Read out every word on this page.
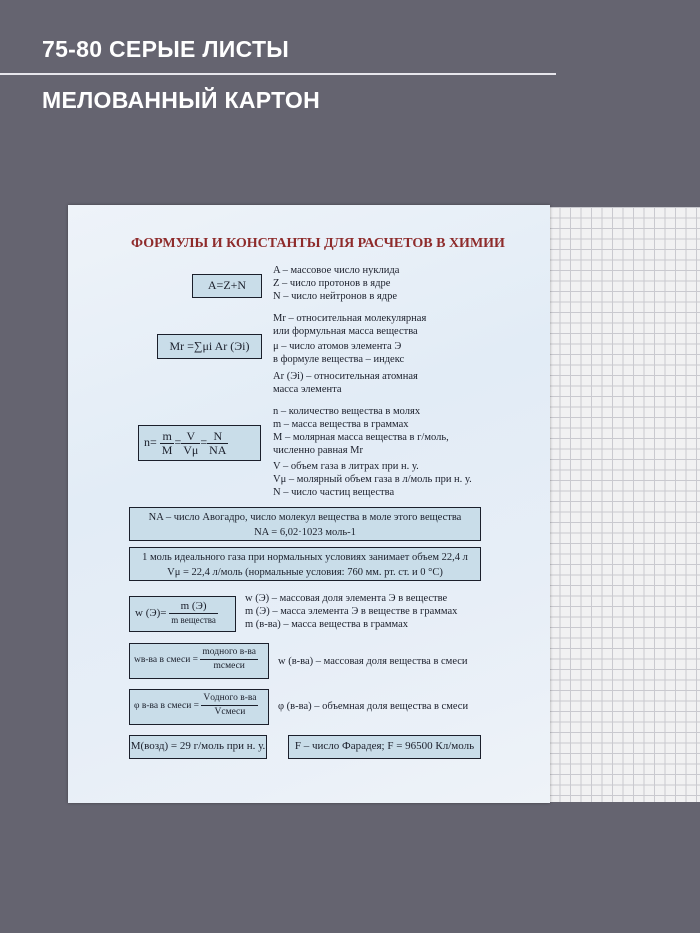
75-80 СЕРЫЕ ЛИСТЫ
МЕЛОВАННЫЙ КАРТОН
ФОРМУЛЫ И КОНСТАНТЫ ДЛЯ РАСЧЕТОВ В ХИМИИ
A=Z+N
A – массовое число нуклида
Z – число протонов в ядре
N – число нейтронов в ядре
Mr =∑μi Ar (Эi)
Mr – относительная молекулярная
или формульная масса вещества
μ – число атомов элемента Э
в формуле вещества – индекс
Ar (Эi) – относительная атомная
масса элемента
$n= \frac{m}{M} = \frac{V}{V\mu} = \frac{N}{NA}$
n – количество вещества в молях
m – масса вещества в граммах
M – молярная масса вещества в г/моль,
численно равная Mr
V – объем газа в литрах при н. у.
Vμ – молярный объем газа в л/моль при н. у.
N – число частиц вещества
NA – число Авогадро, число молекул вещества в моле этого вещества
NA = 6,02·1023 моль-1
1 моль идеального газа при нормальных условиях занимает объем 22,4 л
Vμ = 22,4 л/моль (нормальные условия: 760 мм. рт. ст. и 0 °C)
w $(Э)= \frac{m (Э)}{\text{m вещества}}$
w (Э) – массовая доля элемента Э в веществе
m (Э) – масса элемента Э в веществе в граммах
m (в-ва) – масса вещества в граммах
wв-ва в смеси = $\frac{\text{mодного в-ва}}{\text{mсмеси}}$ w (в-ва) – массовая доля вещества в смеси
φ в-ва в смеси = $\frac{\text{Vодного в-ва}}{\text{Vсмеси}}$ φ (в-ва) – объемная доля вещества в смеси
M(возд) = 29 г/моль при н. у.	F – число Фарадея; F = 96500 Кл/моль
